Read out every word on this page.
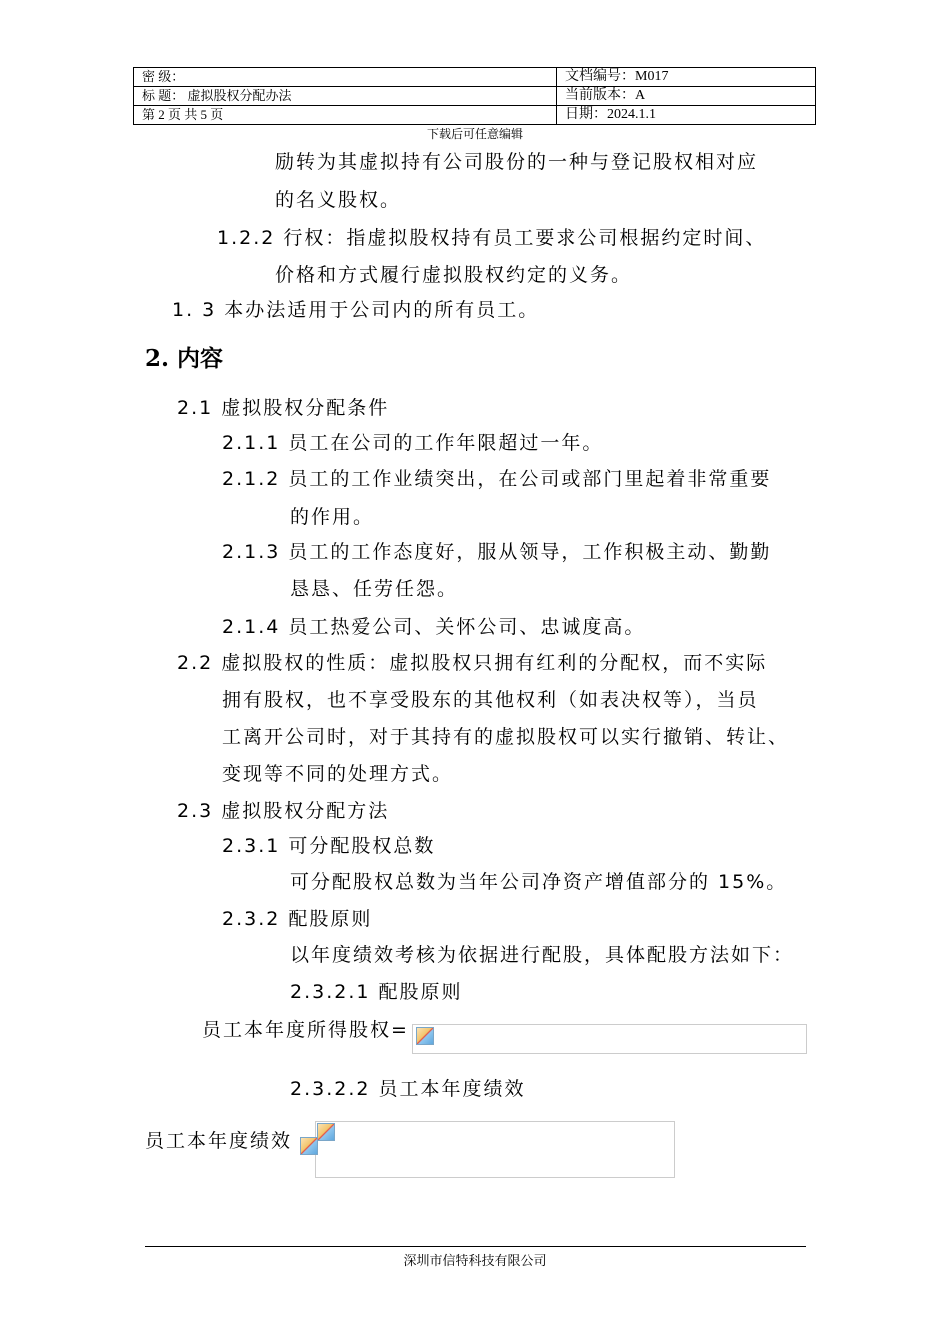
密 级：	文档编号：M017
标 题： 虚拟股权分配办法	当前版本：A
第 2 页 共 5 页	日期：2024.1.1
下载后可任意编辑
励转为其虚拟持有公司股份的一种与登记股权相对应
的名义股权。
1.2.2 行权：指虚拟股权持有员工要求公司根据约定时间、
价格和方式履行虚拟股权约定的义务。
1. 3 本办法适用于公司内的所有员工。
2. 内容
2.1 虚拟股权分配条件
2.1.1 员工在公司的工作年限超过一年。
2.1.2 员工的工作业绩突出，在公司或部门里起着非常重要
的作用。
2.1.3 员工的工作态度好，服从领导，工作积极主动、勤勤
恳恳、任劳任怨。
2.1.4 员工热爱公司、关怀公司、忠诚度高。
2.2 虚拟股权的性质：虚拟股权只拥有红利的分配权，而不实际
拥有股权，也不享受股东的其他权利（如表决权等），当员
工离开公司时，对于其持有的虚拟股权可以实行撤销、转让、
变现等不同的处理方式。
2.3 虚拟股权分配方法
2.3.1 可分配股权总数
可分配股权总数为当年公司净资产增值部分的 15%。
2.3.2 配股原则
以年度绩效考核为依据进行配股，具体配股方法如下：
2.3.2.1 配股原则
员工本年度所得股权=
2.3.2.2 员工本年度绩效
员工本年度绩效
深圳市信特科技有限公司
